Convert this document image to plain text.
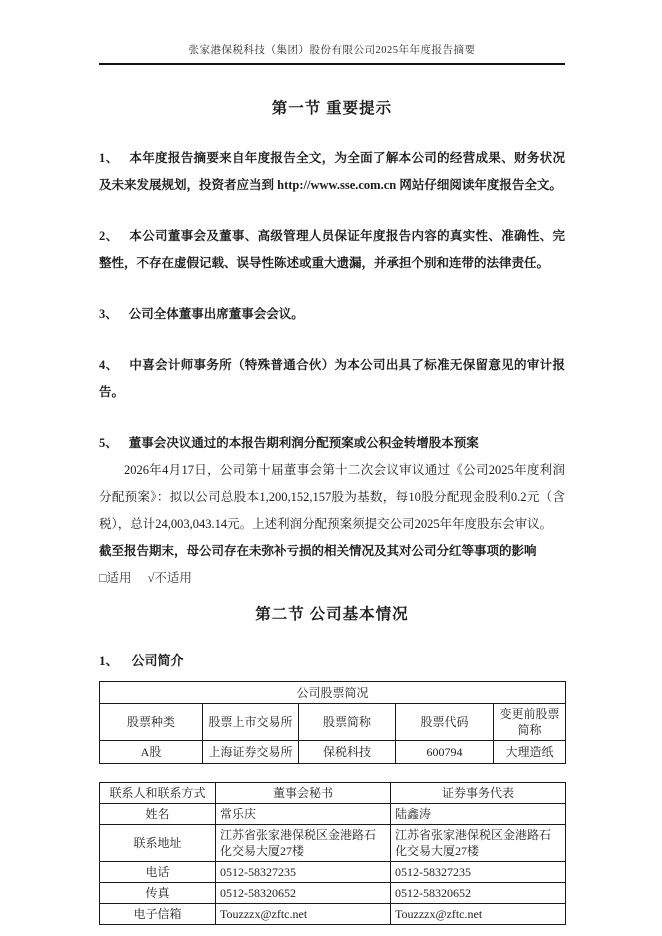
张家港保税科技（集团）股份有限公司2025年年度报告摘要
第一节 重要提示

1、 本年度报告摘要来自年度报告全文，为全面了解本公司的经营成果、财务状况及未来发展规划，投资者应当到 http://www.sse.com.cn 网站仔细阅读年度报告全文。

2、 本公司董事会及董事、高级管理人员保证年度报告内容的真实性、准确性、完整性，不存在虚假记载、误导性陈述或重大遗漏，并承担个别和连带的法律责任。

3、 公司全体董事出席董事会会议。

4、 中喜会计师事务所（特殊普通合伙）为本公司出具了标准无保留意见的审计报告。

5、 董事会决议通过的本报告期利润分配预案或公积金转增股本预案

2026年4月17日，公司第十届董事会第十二次会议审议通过《公司2025年度利润分配预案》：拟以公司总股本1,200,152,157股为基数，每10股分配现金股利0.2元（含税），总计24,003,043.14元。上述利润分配预案须提交公司2025年年度股东会审议。

截至报告期末，母公司存在未弥补亏损的相关情况及其对公司分红等事项的影响

□适用 √不适用

第二节 公司基本情况

1、 公司简介

公司股票简况				
股票种类	股票上市交易所	股票简称	股票代码	变更前股票简称
A股	上海证券交易所	保税科技	600794	大理造纸
联系人和联系方式	董事会秘书	证券事务代表
姓名	常乐庆	陆鑫涛
联系地址	江苏省张家港保税区金港路石化交易大厦27楼	江苏省张家港保税区金港路石化交易大厦27楼
电话	0512-58327235	0512-58327235
传真	0512-58320652	0512-58320652
电子信箱	Touzzzx@zftc.net	Touzzzx@zftc.net
